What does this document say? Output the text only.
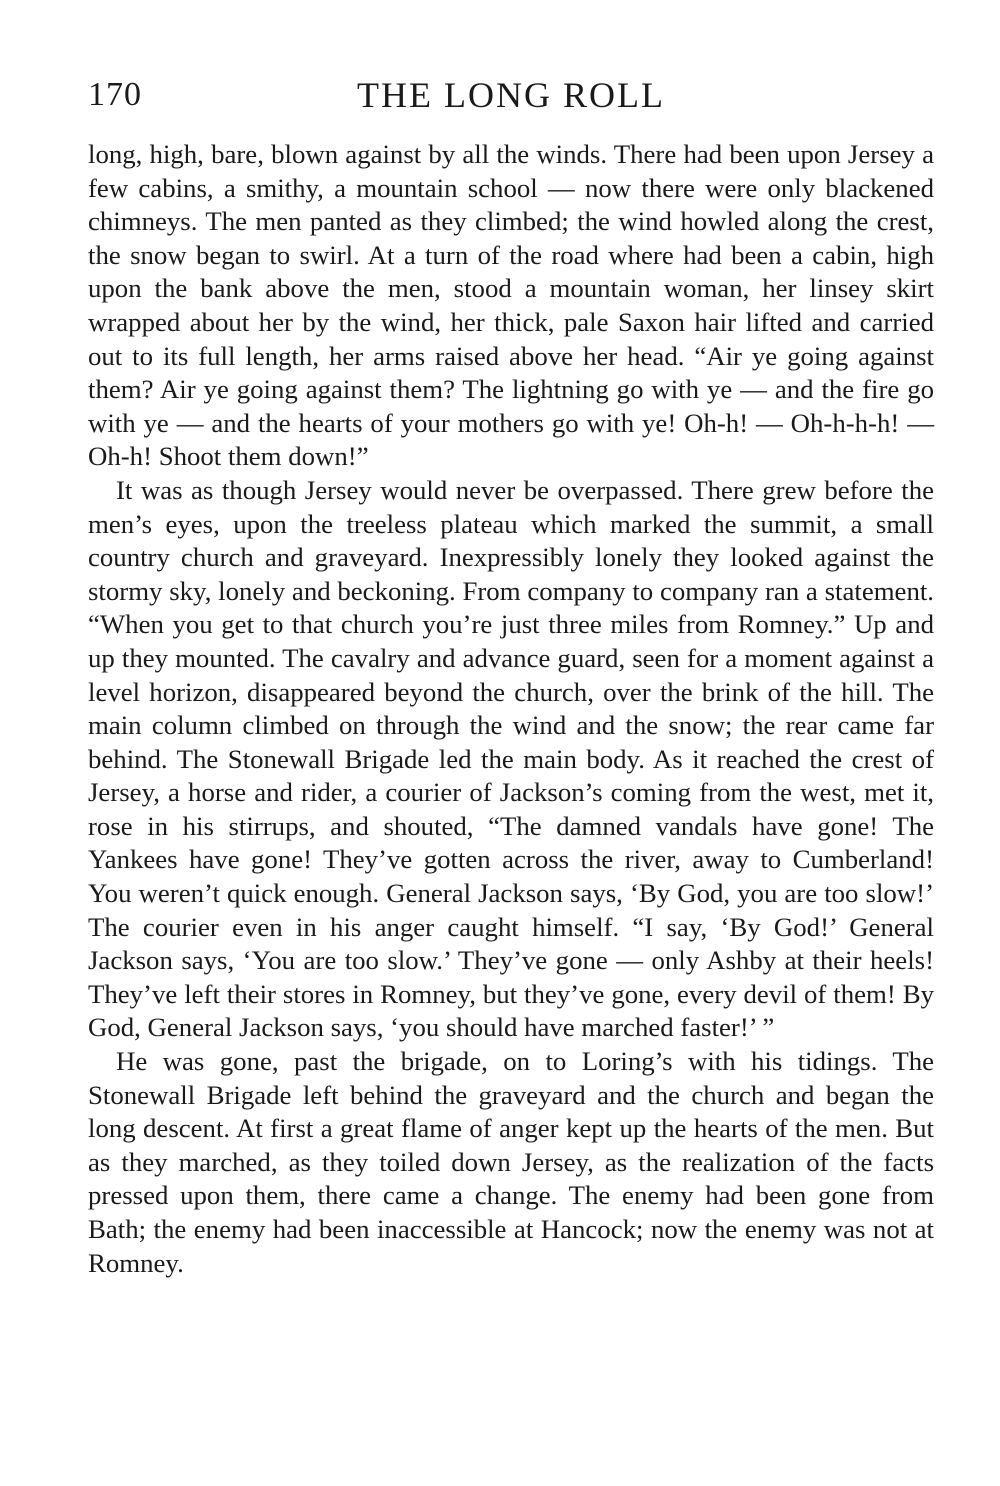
170	THE LONG ROLL

long, high, bare, blown against by all the winds. There had been upon Jersey a few cabins, a smithy, a mountain school — now there were only blackened chimneys. The men panted as they climbed; the wind howled along the crest, the snow began to swirl. At a turn of the road where had been a cabin, high upon the bank above the men, stood a mountain woman, her linsey skirt wrapped about her by the wind, her thick, pale Saxon hair lifted and carried out to its full length, her arms raised above her head. “Air ye going against them? Air ye going against them? The lightning go with ye — and the fire go with ye — and the hearts of your mothers go with ye! Oh-h! — Oh-h-h-h! — Oh-h! Shoot them down!”

It was as though Jersey would never be overpassed. There grew before the men’s eyes, upon the treeless plateau which marked the summit, a small country church and graveyard. Inexpressibly lonely they looked against the stormy sky, lonely and beckoning. From company to company ran a statement. “When you get to that church you’re just three miles from Romney.” Up and up they mounted. The cavalry and advance guard, seen for a moment against a level horizon, disappeared beyond the church, over the brink of the hill. The main column climbed on through the wind and the snow; the rear came far behind. The Stonewall Brigade led the main body. As it reached the crest of Jersey, a horse and rider, a courier of Jackson’s coming from the west, met it, rose in his stirrups, and shouted, “The damned vandals have gone! The Yankees have gone! They’ve gotten across the river, away to Cumberland! You weren’t quick enough. General Jackson says, ‘By God, you are too slow!’ The courier even in his anger caught himself. “I say, ‘By God!’ General Jackson says, ‘You are too slow.’ They’ve gone — only Ashby at their heels! They’ve left their stores in Romney, but they’ve gone, every devil of them! By God, General Jackson says, ‘you should have marched faster!’ ”

He was gone, past the brigade, on to Loring’s with his tidings. The Stonewall Brigade left behind the graveyard and the church and began the long descent. At first a great flame of anger kept up the hearts of the men. But as they marched, as they toiled down Jersey, as the realization of the facts pressed upon them, there came a change. The enemy had been gone from Bath; the enemy had been inaccessible at Hancock; now the enemy was not at Romney.
